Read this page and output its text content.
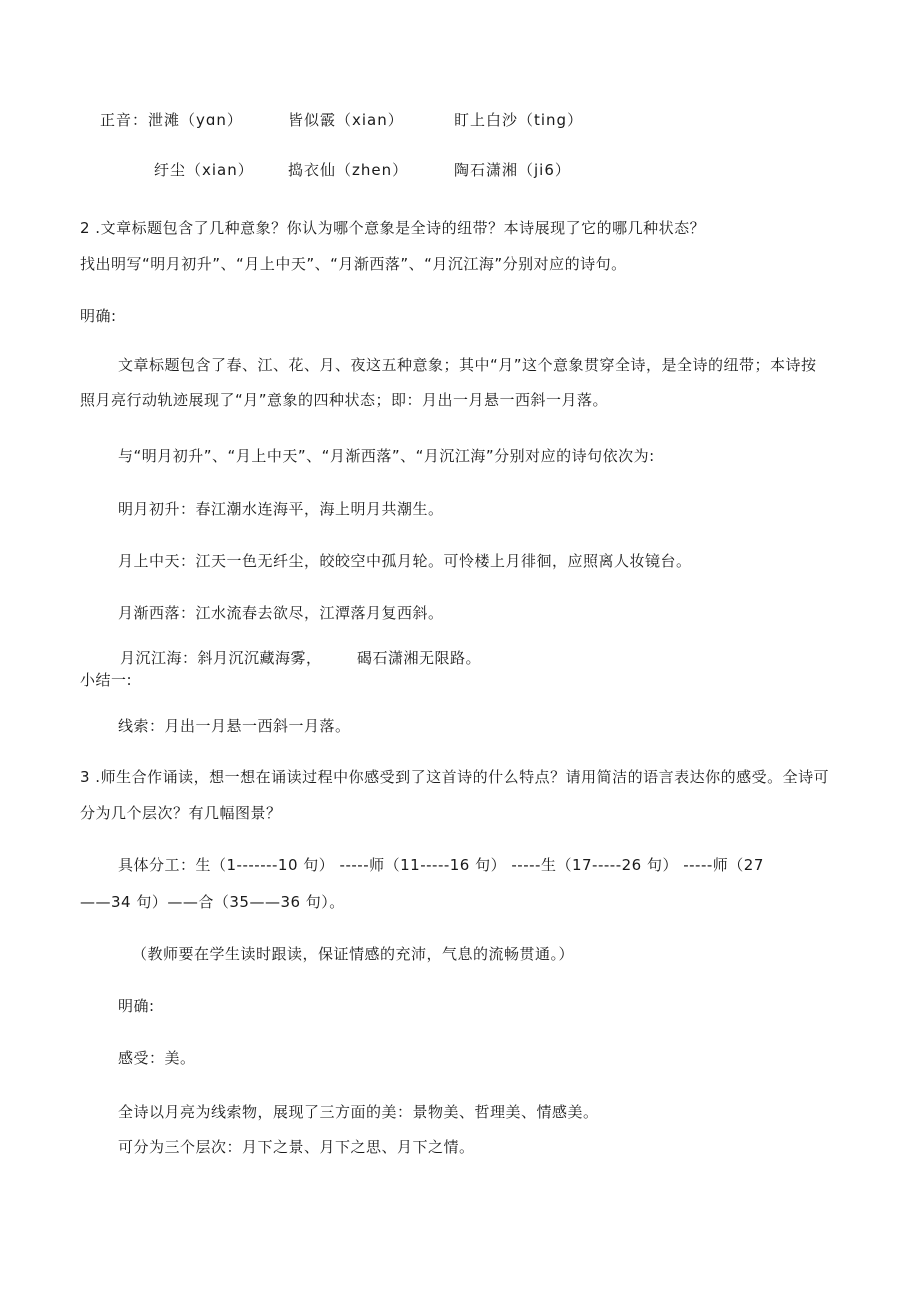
正音：泄滩（yɑn）	皆似霰（xian）	盯上白沙（ting）
纡尘（xian） 捣衣仙（zhen）	陶石潇湘（ji6）
2 .文章标题包含了几种意象？你认为哪个意象是全诗的纽带？本诗展现了它的哪几种状态？
找出明写“明月初升”、“月上中天”、“月渐西落”、“月沉江海”分别对应的诗句。
明确:
文章标题包含了春、江、花、月、夜这五种意象；其中“月”这个意象贯穿全诗，是全诗的纽带；本诗按
照月亮行动轨迹展现了“月”意象的四种状态；即：月出一月悬一西斜一月落。
与“明月初升”、“月上中天”、“月渐西落”、“月沉江海”分别对应的诗句依次为:
明月初升：春江潮水连海平，海上明月共潮生。
月上中天：江天一色无纤尘，皎皎空中孤月轮。可怜楼上月徘徊，应照离人妆镜台。
月渐西落：江水流春去欲尽，江潭落月复西斜。
月沉江海：斜月沉沉藏海雾， 碣石潇湘无限路。
小结一:
线索：月出一月悬一西斜一月落。
3 .师生合作诵读，想一想在诵读过程中你感受到了这首诗的什么特点？请用简洁的语言表达你的感受。全诗可
分为几个层次？有几幅图景？
具体分工：生（1-------10 句） -----师（11-----16 句） -----生（17-----26 句） -----师（27
——34 句）——合（35——36 句）。
（教师要在学生读时跟读，保证情感的充沛，气息的流畅贯通。）
明确:
感受：美。
全诗以月亮为线索物，展现了三方面的美：景物美、哲理美、情感美。
可分为三个层次：月下之景、月下之思、月下之情。
